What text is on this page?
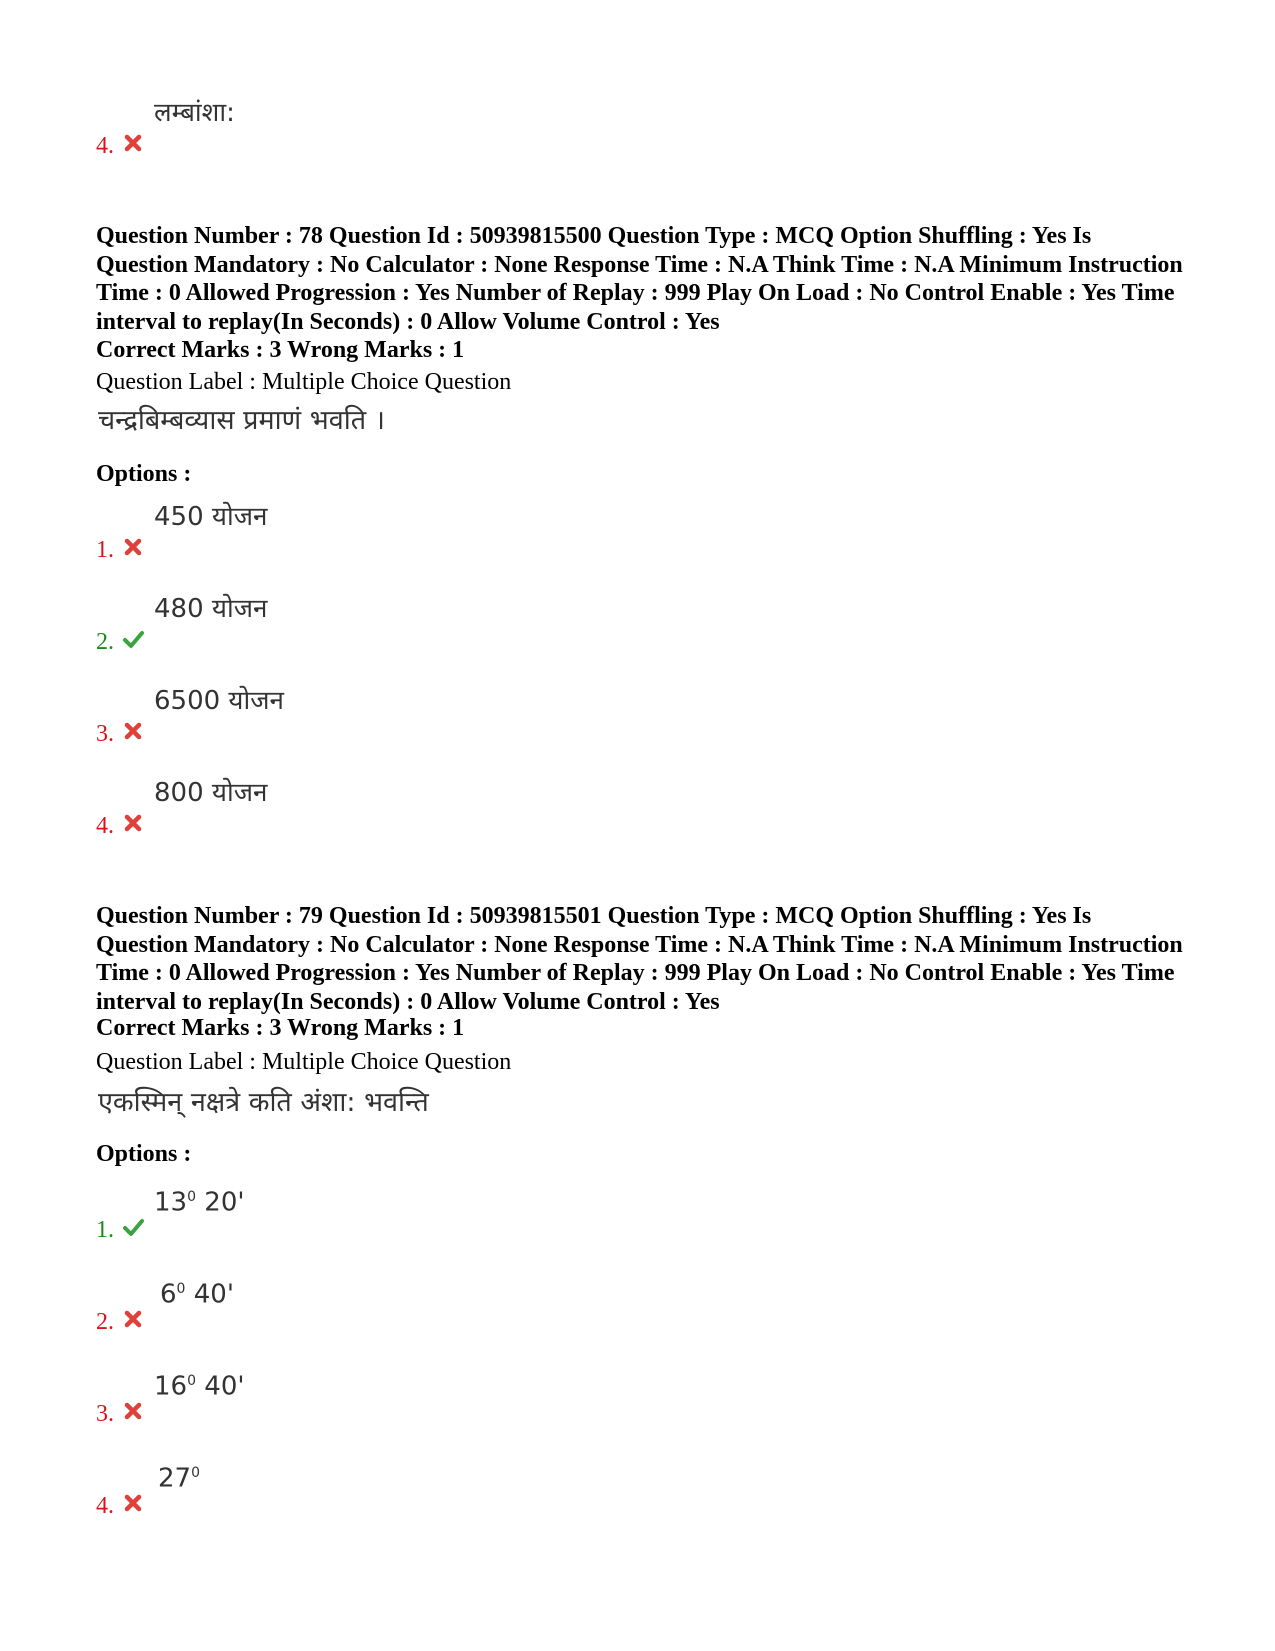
4.
लम्बांशा:
Question Number : 78 Question Id : 50939815500 Question Type : MCQ Option Shuffling : Yes Is Question Mandatory : No Calculator : None Response Time : N.A Think Time : N.A Minimum Instruction Time : 0 Allowed Progression : Yes Number of Replay : 999 Play On Load : No Control Enable : Yes Time interval to replay(In Seconds) : 0 Allow Volume Control : Yes
Correct Marks : 3 Wrong Marks : 1
Question Label : Multiple Choice Question
चन्द्रबिम्बव्यास प्रमाणं भवति ।
Options :
1.
450 योजन
2.
480 योजन
3.
6500 योजन
4.
800 योजन
Question Number : 79 Question Id : 50939815501 Question Type : MCQ Option Shuffling : Yes Is Question Mandatory : No Calculator : None Response Time : N.A Think Time : N.A Minimum Instruction Time : 0 Allowed Progression : Yes Number of Replay : 999 Play On Load : No Control Enable : Yes Time interval to replay(In Seconds) : 0 Allow Volume Control : Yes
Correct Marks : 3 Wrong Marks : 1
Question Label : Multiple Choice Question
एकस्मिन् नक्षत्रे कति अंशा: भवन्ति
Options :
1.
$13^0$ 20'
2.
$6^0$ 40'
3.
$16^0$ 40'
4.
$27^0$
